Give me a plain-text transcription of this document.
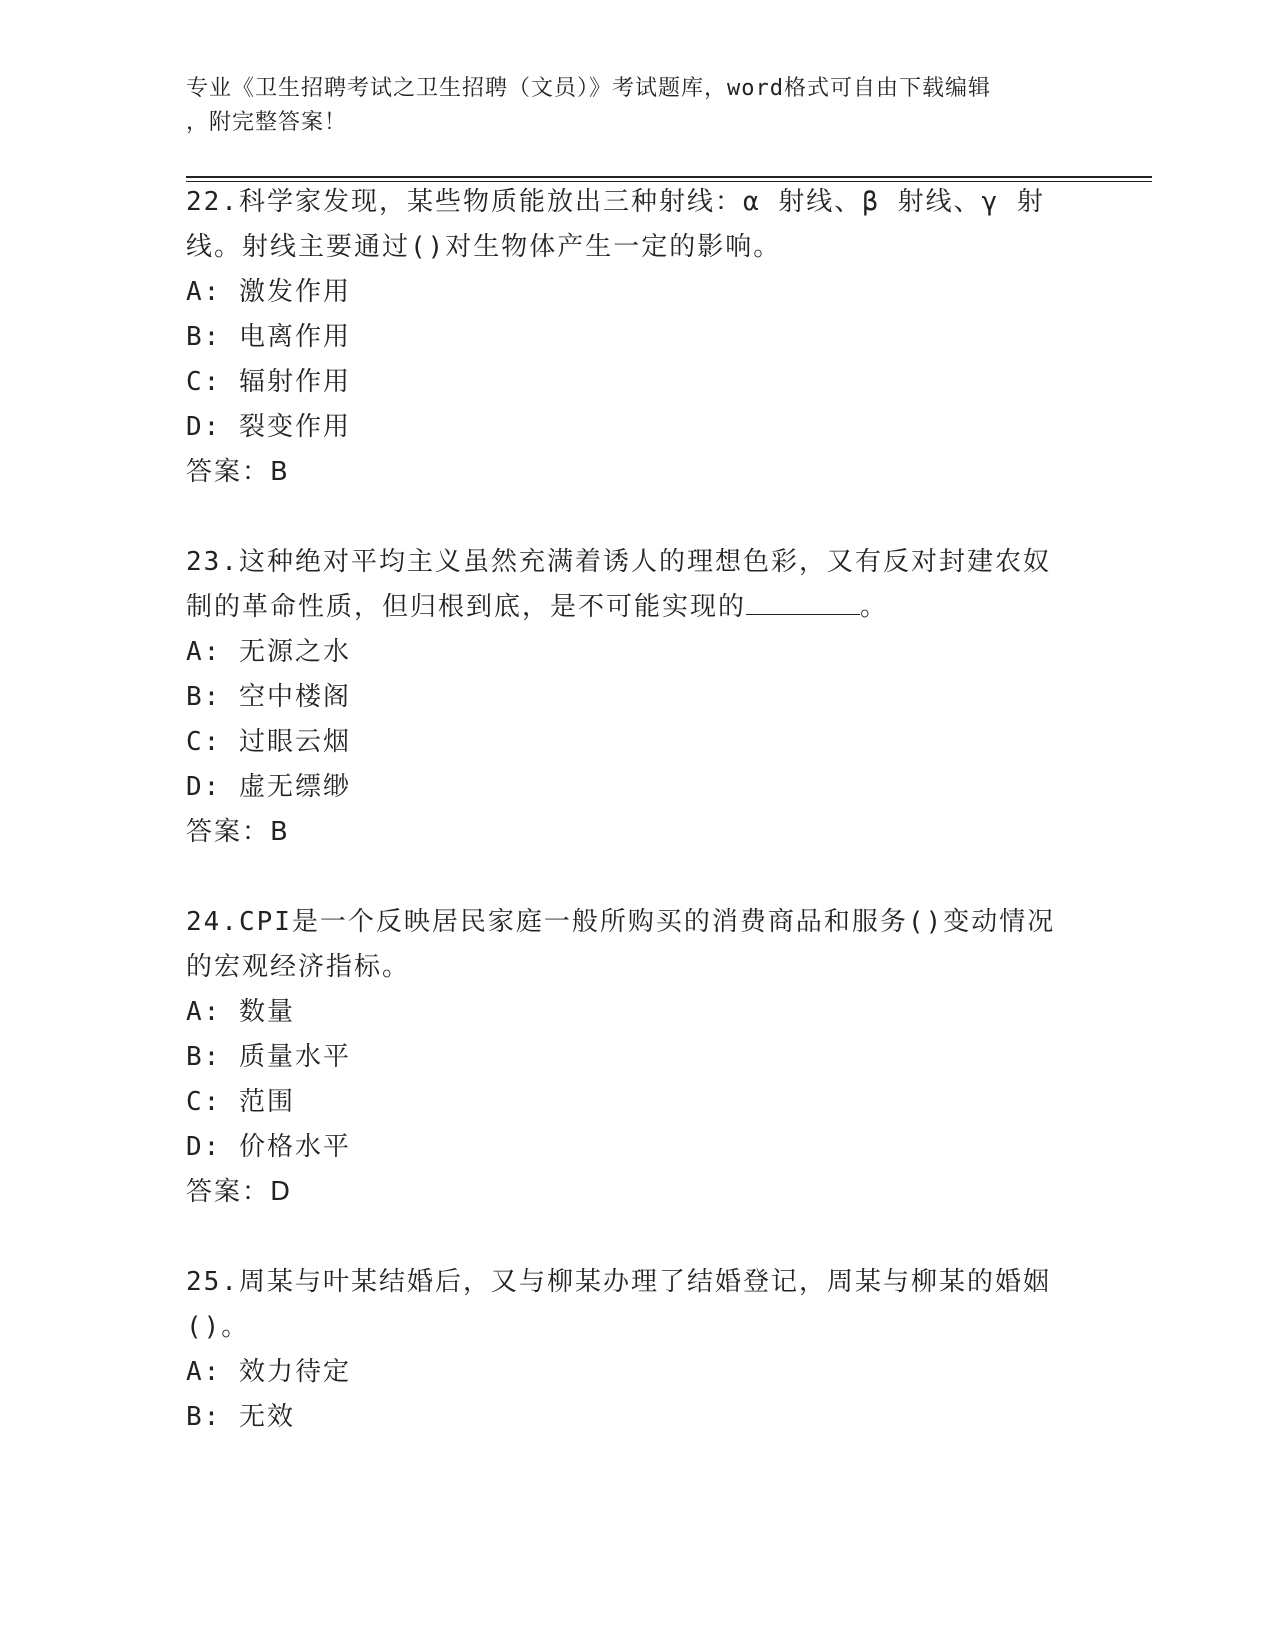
专业《卫生招聘考试之卫生招聘（文员）》考试题库，word格式可自由下载编辑
，附完整答案！
22.科学家发现，某些物质能放出三种射线：α 射线、β 射线、γ 射
线。射线主要通过()对生物体产生一定的影响。
A: 激发作用
B: 电离作用
C: 辐射作用
D: 裂变作用
答案：B
23.这种绝对平均主义虽然充满着诱人的理想色彩，又有反对封建农奴
制的革命性质，但归根到底，是不可能实现的	。
A: 无源之水
B: 空中楼阁
C: 过眼云烟
D: 虚无缥缈
答案：B
24.CPI是一个反映居民家庭一般所购买的消费商品和服务()变动情况
的宏观经济指标。
A: 数量
B: 质量水平
C: 范围
D: 价格水平
答案：D
25.周某与叶某结婚后，又与柳某办理了结婚登记，周某与柳某的婚姻
()。
A: 效力待定
B: 无效
